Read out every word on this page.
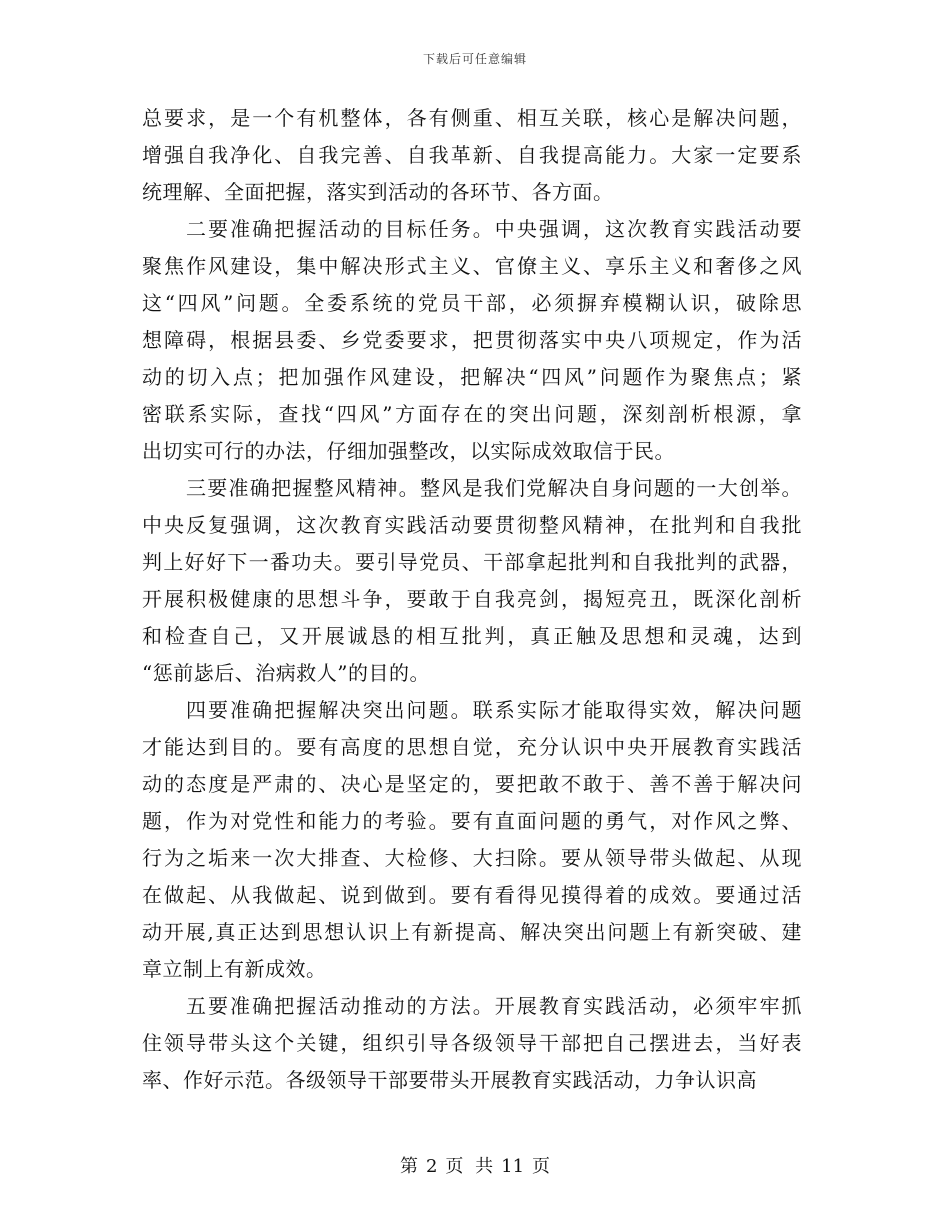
下载后可任意编辑
总要求，是一个有机整体，各有侧重、相互关联，核心是解决问题，
增强自我净化、自我完善、自我革新、自我提高能力。大家一定要系
统理解、全面把握，落实到活动的各环节、各方面。
二要准确把握活动的目标任务。中央强调，这次教育实践活动要
聚焦作风建设，集中解决形式主义、官僚主义、享乐主义和奢侈之风
这“四风”问题。全委系统的党员干部，必须摒弃模糊认识，破除思
想障碍，根据县委、乡党委要求，把贯彻落实中央八项规定，作为活
动的切入点；把加强作风建设，把解决“四风”问题作为聚焦点；紧
密联系实际，查找“四风”方面存在的突出问题，深刻剖析根源，拿
出切实可行的办法，仔细加强整改，以实际成效取信于民。
三要准确把握整风精神。整风是我们党解决自身问题的一大创举。
中央反复强调，这次教育实践活动要贯彻整风精神，在批判和自我批
判上好好下一番功夫。要引导党员、干部拿起批判和自我批判的武器，
开展积极健康的思想斗争，要敢于自我亮剑，揭短亮丑，既深化剖析
和检查自己，又开展诚恳的相互批判，真正触及思想和灵魂，达到
“惩前毖后、治病救人”的目的。
四要准确把握解决突出问题。联系实际才能取得实效，解决问题
才能达到目的。要有高度的思想自觉，充分认识中央开展教育实践活
动的态度是严肃的、决心是坚定的，要把敢不敢于、善不善于解决问
题，作为对党性和能力的考验。要有直面问题的勇气，对作风之弊、
行为之垢来一次大排查、大检修、大扫除。要从领导带头做起、从现
在做起、从我做起、说到做到。要有看得见摸得着的成效。要通过活
动开展,真正达到思想认识上有新提高、解决突出问题上有新突破、建
章立制上有新成效。
五要准确把握活动推动的方法。开展教育实践活动，必须牢牢抓
住领导带头这个关键，组织引导各级领导干部把自己摆进去，当好表
率、作好示范。各级领导干部要带头开展教育实践活动，力争认识高
第 2 页 共 11 页
